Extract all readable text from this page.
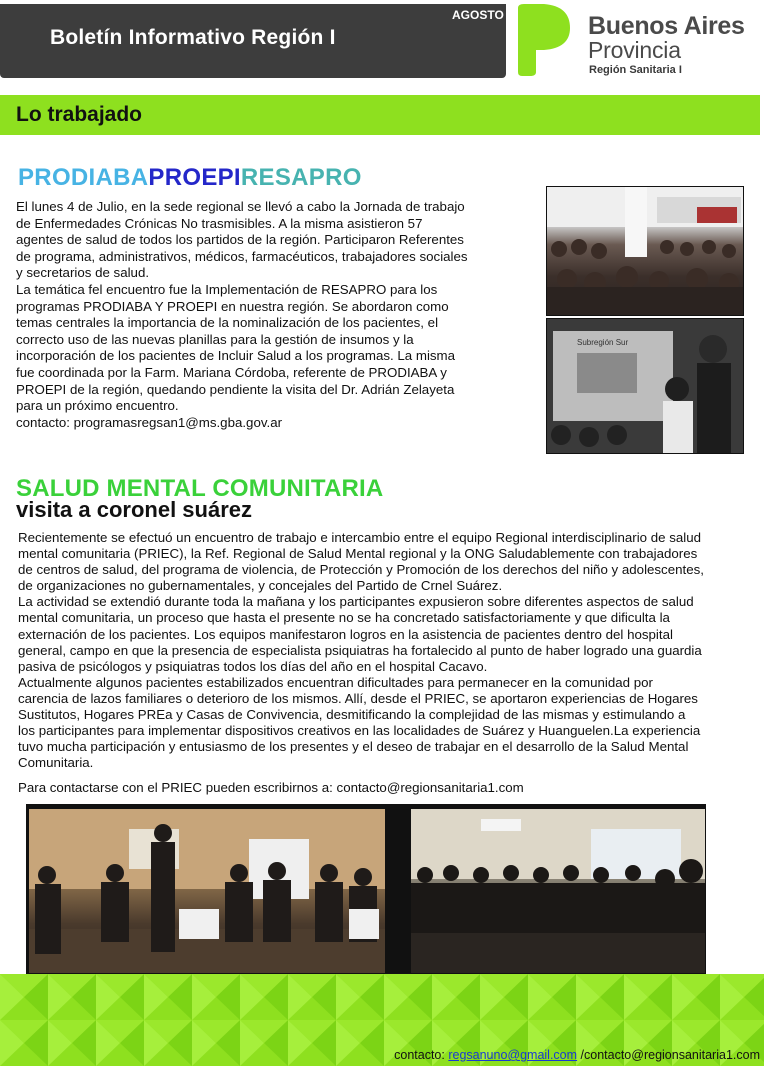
Boletín Informativo Región I
AGOSTO	Buenos Aires
Provincia
Región Sanitaria I
Lo trabajado
PRODIABAPROEPIRESAPRO

El lunes 4 de Julio, en la sede regional se llevó a cabo la Jornada de trabajo
de Enfermedades Crónicas No trasmisibles. A la misma asistieron 57
agentes de salud de todos los partidos de la región. Participaron Referentes
de programa, administrativos, médicos, farmacéuticos, trabajadores sociales
y secretarios de salud.
La temática fel encuentro fue la Implementación de RESAPRO para los
programas PRODIABA Y PROEPI en nuestra región. Se abordaron como
temas centrales la importancia de la nominalización de los pacientes, el
correcto uso de las nuevas planillas para la gestión de insumos y la
incorporación de los pacientes de Incluir Salud a los programas. La misma
fue coordinada por la Farm. Mariana Córdoba, referente de PRODIABA y
PROEPI de la región, quedando pendiente la visita del Dr. Adrián Zelayeta
para un próximo encuentro.
contacto: programasregsan1@ms.gba.gov.ar

Subregión Sur
SALUD MENTAL COMUNITARIA
visita a coronel suárez

Recientemente se efectuó un encuentro de trabajo e intercambio entre el equipo Regional interdisciplinario de salud
mental comunitaria (PRIEC), la Ref. Regional de Salud Mental regional y la ONG Saludablemente con trabajadores
de centros de salud, del programa de violencia, de Protección y Promoción de los derechos del niño y adolescentes,
de organizaciones no gubernamentales, y concejales del Partido de Crnel Suárez.
La actividad se extendió durante toda la mañana y los participantes expusieron sobre diferentes aspectos de salud
mental comunitaria, un proceso que hasta el presente no se ha concretado satisfactoriamente y que dificulta la
externación de los pacientes. Los equipos manifestaron logros en la asistencia de pacientes dentro del hospital
general, campo en que la presencia de especialista psiquiatras ha fortalecido al punto de haber logrado una guardia
pasiva de psicólogos y psiquiatras todos los días del año en el hospital Cacavo.
Actualmente algunos pacientes estabilizados encuentran dificultades para permanecer en la comunidad por
carencia de lazos familiares o deterioro de los mismos. Allí, desde el PRIEC, se aportaron experiencias de Hogares
Sustitutos, Hogares PREa y Casas de Convivencia, desmitificando la complejidad de las mismas y estimulando a
los participantes para implementar dispositivos creativos en las localidades de Suárez y Huanguelen.La experiencia
tuvo mucha participación y entusiasmo de los presentes y el deseo de trabajar en el desarrollo de la Salud Mental
Comunitaria.

Para contactarse con el PRIEC pueden escribirnos a: contacto@regionsanitaria1.com
contacto: regsanuno@gmail.com /contacto@regionsanitaria1.com
